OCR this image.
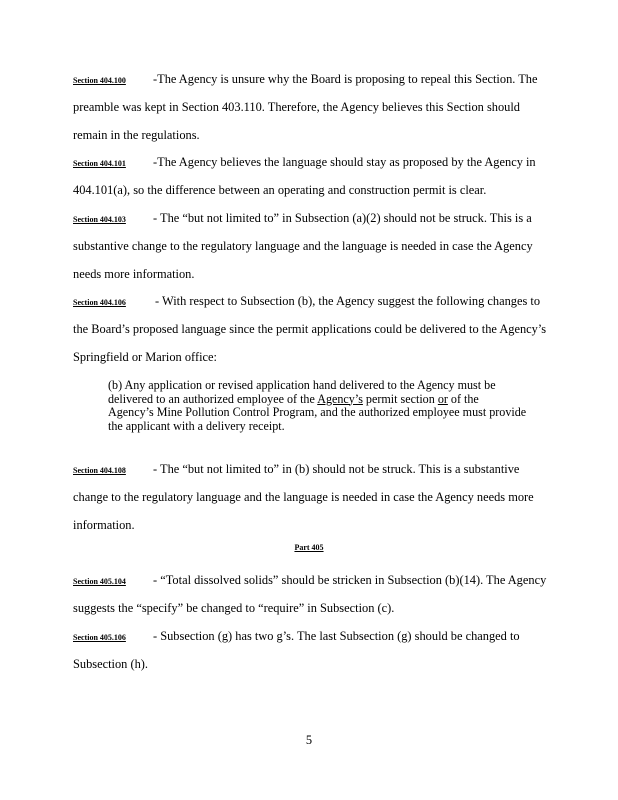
Section 404.100 -The Agency is unsure why the Board is proposing to repeal this Section. The
preamble was kept in Section 403.110. Therefore, the Agency believes this Section should
remain in the regulations.
Section 404.101 -The Agency believes the language should stay as proposed by the Agency in
404.101(a), so the difference between an operating and construction permit is clear.
Section 404.103 - The “but not limited to” in Subsection (a)(2) should not be struck. This is a
substantive change to the regulatory language and the language is needed in case the Agency
needs more information.
Section 404.106 - With respect to Subsection (b), the Agency suggest the following changes to
the Board’s proposed language since the permit applications could be delivered to the Agency’s
Springfield or Marion office:
(b) Any application or revised application hand delivered to the Agency must be
delivered to an authorized employee of the Agency’s permit section or of the
Agency’s Mine Pollution Control Program, and the authorized employee must provide
the applicant with a delivery receipt.
Section 404.108 - The “but not limited to” in (b) should not be struck. This is a substantive
change to the regulatory language and the language is needed in case the Agency needs more
information.
Part 405
Section 405.104 - “Total dissolved solids” should be stricken in Subsection (b)(14). The Agency
suggests the “specify” be changed to “require” in Subsection (c).
Section 405.106 - Subsection (g) has two g’s. The last Subsection (g) should be changed to
Subsection (h).
5
